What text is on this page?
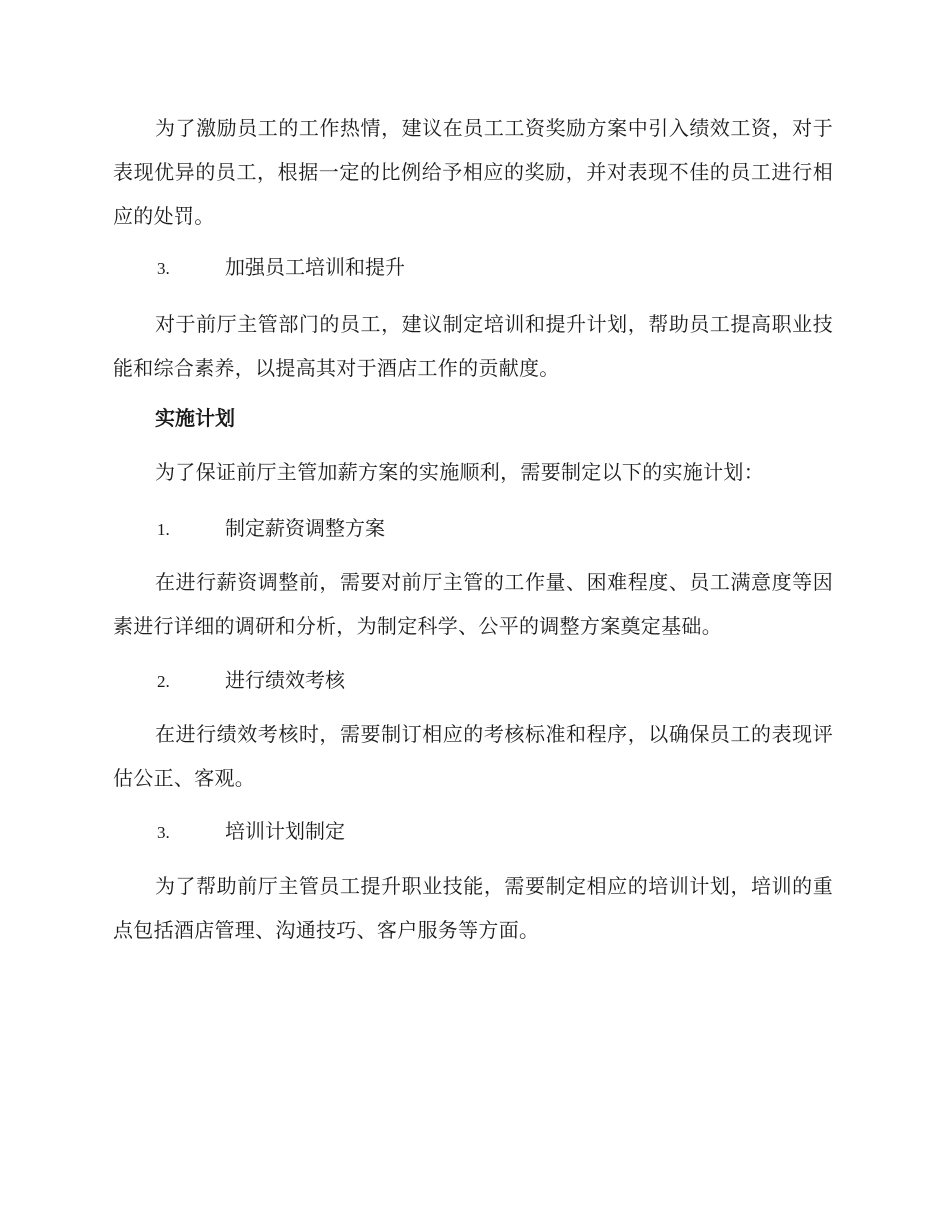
为了激励员工的工作热情，建议在员工工资奖励方案中引入绩效工资，对于表现优异的员工，根据一定的比例给予相应的奖励，并对表现不佳的员工进行相应的处罚。
3.	加强员工培训和提升
对于前厅主管部门的员工，建议制定培训和提升计划，帮助员工提高职业技能和综合素养，以提高其对于酒店工作的贡献度。
实施计划
为了保证前厅主管加薪方案的实施顺利，需要制定以下的实施计划：
1.	制定薪资调整方案
在进行薪资调整前，需要对前厅主管的工作量、困难程度、员工满意度等因素进行详细的调研和分析，为制定科学、公平的调整方案奠定基础。
2.	进行绩效考核
在进行绩效考核时，需要制订相应的考核标准和程序，以确保员工的表现评估公正、客观。
3.	培训计划制定
为了帮助前厅主管员工提升职业技能，需要制定相应的培训计划，培训的重点包括酒店管理、沟通技巧、客户服务等方面。
